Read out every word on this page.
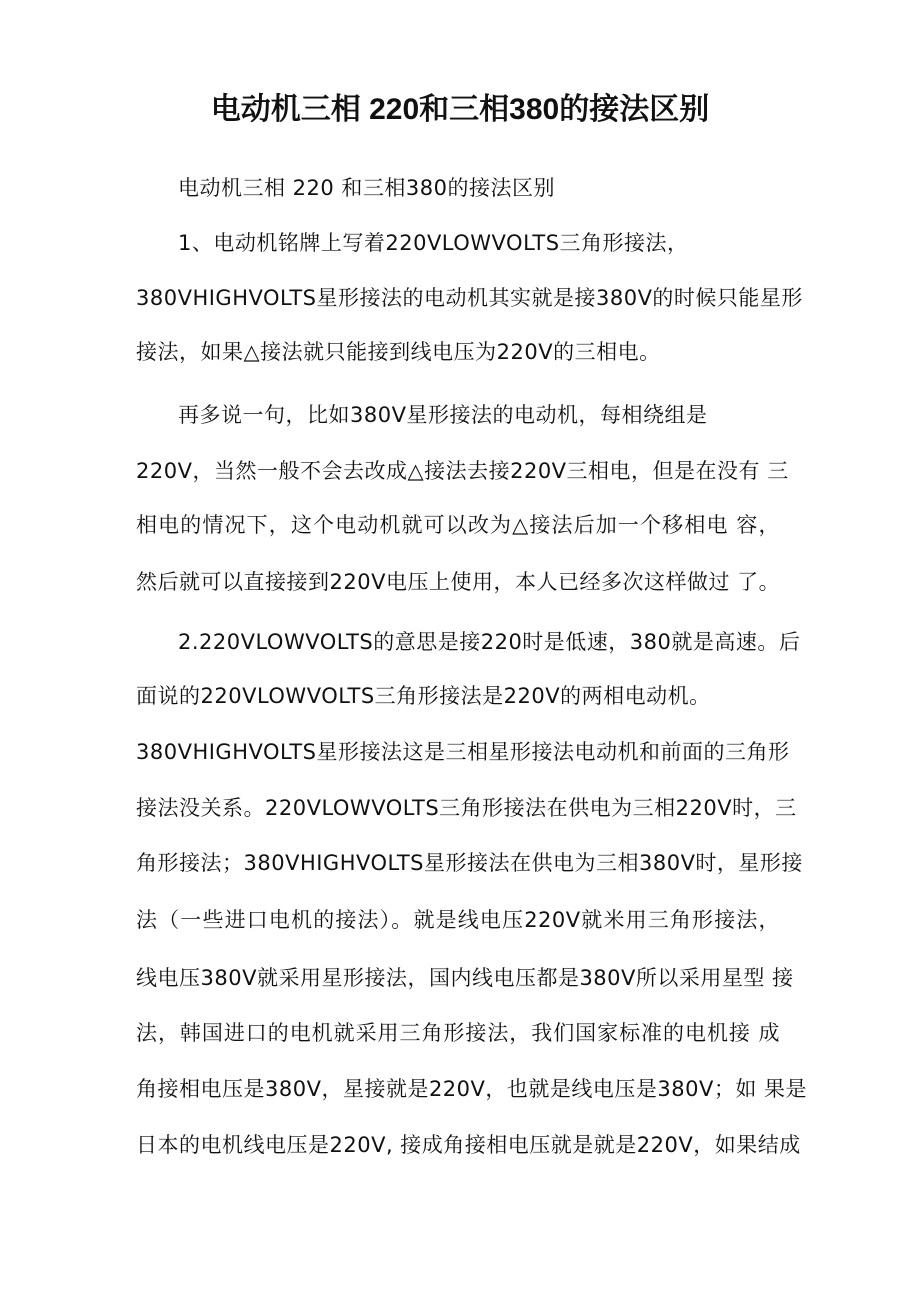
电动机三相 220和三相380的接法区别
电动机三相 220 和三相380的接法区别
1、电动机铭牌上写着220VLOWVOLTS三角形接法，
380VHIGHVOLTS星形接法的电动机其实就是接380V的时候只能星形
接法，如果△接法就只能接到线电压为220V的三相电。
再多说一句，比如380V星形接法的电动机，每相绕组是
220V，当然一般不会去改成△接法去接220V三相电，但是在没有 三
相电的情况下，这个电动机就可以改为△接法后加一个移相电 容，
然后就可以直接接到220V电压上使用，本人已经多次这样做过 了。
2.220VLOWVOLTS的意思是接220时是低速，380就是高速。后
面说的220VLOWVOLTS三角形接法是220V的两相电动机。
380VHIGHVOLTS星形接法这是三相星形接法电动机和前面的三角形
接法没关系。220VLOWVOLTS三角形接法在供电为三相220V时，三
角形接法；380VHIGHVOLTS星形接法在供电为三相380V时，星形接
法（一些进口电机的接法）。就是线电压220V就米用三角形接法，
线电压380V就采用星形接法，国内线电压都是380V所以采用星型 接
法，韩国进口的电机就采用三角形接法，我们国家标准的电机接 成
角接相电压是380V，星接就是220V，也就是线电压是380V；如 果是
日本的电机线电压是220V, 接成角接相电压就是就是220V，如果结成
